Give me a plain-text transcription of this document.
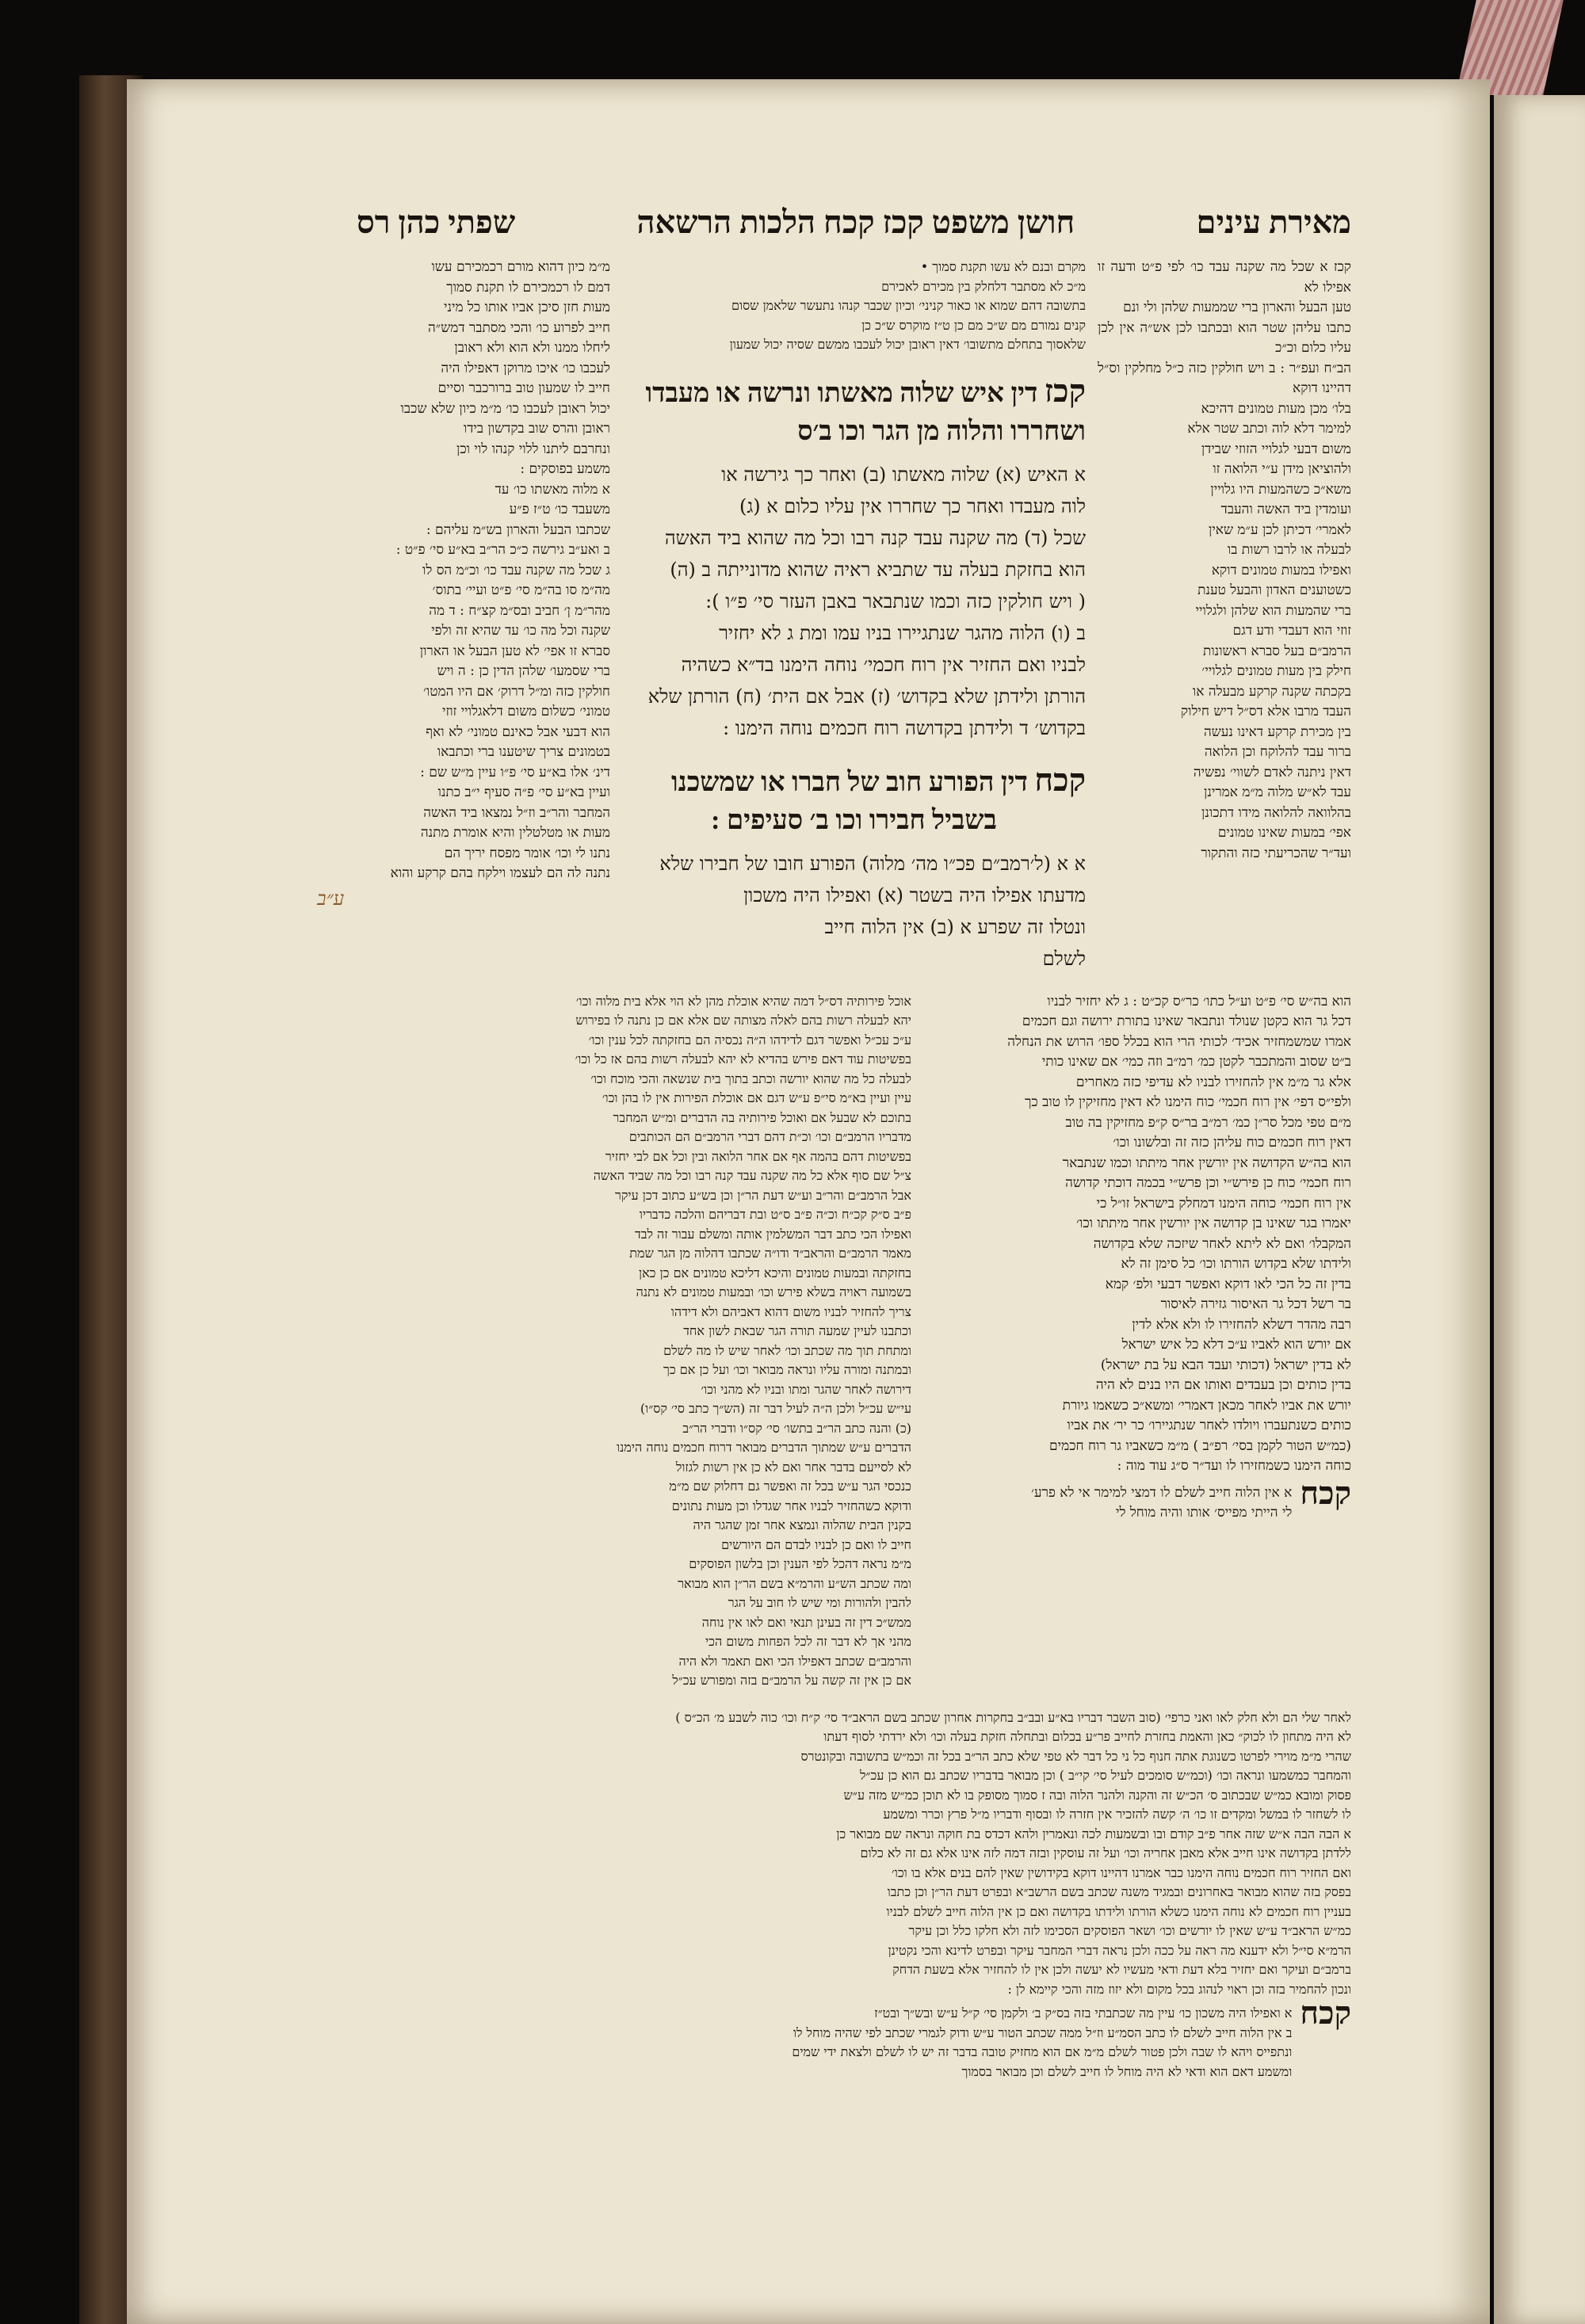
מאירת עינים
חושן משפט קכז קכח הלכות הרשאה
שפתי כהן רס
קכז א שכל מה שקנה עבד כו׳ לפי פ״ט ודעה זו אפילו לא
טען הבעל והארון ברי שממעות שלהן ולי ונם
כתבו עליהן שטר הוא ובכתבו לכן אש״ה אין לכן עליו כלום וכ״כ
הב״ח ועפ״ר : ב ויש חולקין כזה כ״ל מחלקין וס״ל דהיינו דוקא
בלו׳ מכן מעות טמונים דהיכא
למימר דלא לוה וכתב שטר אלא
משום דבעי לגלויי הזוזי שבידן
ולהוציאן מידן ע״י הלואה זו
משא״כ כשהמעות היו גלויין
ועומדין ביד האשה והעבד
לאמרי׳ דכיתן לכן ע״מ שאין
לבעלה או לרבו רשות בו
ואפילו במעות טמונים דוקא
כשטוענים האדון והבעל טענת
ברי שהמעות הוא שלהן ולגלויי
זוזי הוא דעבדי ודע דגם
הרמב״ם בעל סברא ראשונות
חילק בין מעות טמונים לגלויי׳
בקכתה שקנה קרקע מבעלה או
העבד מרבו אלא דס״ל דיש חילוק
בין מכירת קרקע דאינו נעשה
ברור עבד להלוקח וכן הלואה
דאין ניתנה לאדם לשווי׳ נפשיה
עבד לא״ש מלוה מ״מ אמרינן
בהלוואה להלואה מידו דתכונן
אפי׳ במעות שאינו טמונים
ועד״ר שהכריעתי כזה והתקור
מקרם ובנם לא עשו תקנת סמוך •
מ״כ לא מסתבר דלחלק בין מכירם לאכירם
בתשובה דהם שמוא או כאור קניני׳ וכיון שכבר קנהו נתעשר שלאמן שסום
קנים נמורם מם ש״כ מם כן ט״ז מוקרס ש״כ כן
שלאסוך בתחלם מתשובו׳ דאין ראובן יכול לעכבו ממשם שסיה יכול שמעון
קכז דין איש שלוה מאשתו ונרשה או מעבדו ושחררו והלוה מן הגר וכו ב׳ס
א האיש (א) שלוה מאשתו (ב) ואחר כך גירשה או
לוה מעבדו ואחר כך שחררו אין עליו כלום א (ג)
שכל (ד) מה שקנה עבד קנה רבו וכל מה שהוא ביד האשה
הוא בחזקת בעלה עד שתביא ראיה שהוא מדונייתה ב (ה)
( ויש חולקין כזה וכמו שנתבאר באבן העזר סי׳ פ״ו ):
ב (ו) הלוה מהגר שנתגיירו בניו עמו ומת ג לא יחזיר
לבניו ואם החזיר אין רוח חכמי׳ נוחה הימנו בד״א כשהיה
הורתן ולידתן שלא בקדוש׳ (ז) אבל אם הית׳ (ח) הורתן שלא
בקדוש׳ ד ולידתן בקדושה רוח חכמים נוחה הימנו :
קכח דין הפורע חוב של חברו או שמשכנו
בשביל חבירו וכו ב׳ סעיפים :
א א (ל׳רמב״ם פכ״ו מה׳ מלוה) הפורע חובו של חבירו שלא
מדעתו אפילו היה בשטר (א) ואפילו היה משכון
ונטלו זה שפרע א (ב) אין הלוה חייב
לשלם
מ״מ כיון דהוא מורם רכמכירם עשו
דמם לו רכמכירם לו תקנת סמוך
מעות חזן סיכן אביו אותו כל מיני
חייב לפרוע כו׳ והכי מסתבר דמש״ה
ליחלו ממנו ולא הוא ולא ראובן
לעכבו כו׳ איכו מרוקן דאפילו היה
חייב לו שמעון טוב ברורכבר וסיים
יכול ראובן לעכבו כו׳ מ״מ כיון שלא שכבו
ראובן והרס שוב בקדשון בידו
ונחרבם ליתנו ללוי קנהו לוי וכן
משמע בפוסקים :
א מלוה מאשתו כו׳ עד
משעבד כו׳ ט״ז פ״ע
שכתבו הבעל והארון בש״מ עליהם :
ב ואע״ב גירשה כ״כ הר״ב בא״ע סי׳ פ״ט :
ג שכל מה שקנה עבד כו׳ וכ״מ הס לו
מה״מ סו בה״מ סי׳ פ״ט ועיי׳ בתוס׳
מהר״מ ן׳ חביב ובס״מ קצ״ח : ד מה
שקנה וכל מה כו׳ עד שהיא זה ולפי
סברא זו אפי׳ לא טען הבעל או הארון
ברי שסמעו׳ שלהן הדין כן : ה ויש
חולקין כזה ומ״ל דרוק׳ אם היו המטו׳
טמוני׳ כשלום משום דלאגלויי זוזי
הוא דבעי אבל כאינם טמוני׳ לא ואף
בטמונים צריך שיטענו ברי וכתבאו
דינ׳ אלו בא״ע סי׳ פ״ו עיין מ״ש שם :
ועיין בא״ע סי׳ פ״ה סעיף י״ב כתנו
המחבר והר״ב וז״ל נמצאו ביד האשה
מעות או מטלטלין והיא אומרת מתנה
נתנו לי וכו׳ אומר מפסח יריך הם
נתנה לה הם לעצמו וילקח בהם קרקע והוא
הוא בה״ש סי׳ פ״ט וע״ל כתו׳ כר״ס קכ״ט : ג לא יחזיר לבניו
דכל גר הוא כקטן שנולד ונתבאר שאינו בתורת ירושה וגם חכמים
אמרו שמשמחזיר אכיד׳ לכותי הרי הוא בכלל ספו׳ הרוש את הנחלה
ב״ט שסוב והמתכבר לקטן כמ׳ רמ״ב וזה כמי׳ אם שאינו כותי
אלא גר מ״מ אין להחזירו לבניו לא עדיפי כזה מאחרים
ולפי״ס דפי׳ אין רוח חכמי׳ כוח הימנו לא דאין מחזיקין לו טוב כך
מ״ם טפי מכל סר״ן כמ׳ רמ״ב בר״ס ק״פ מחזיקין בה טוב
דאין רוח חכמים כוח עליהן כזה זה ובלשונו וכו׳
הוא בה״ש הקדושה אין יורשין אחר מיתתו וכמו שנתבאר
רוח חכמי׳ כוח כן פירש״י וכן פרש״י בכמה דוכתי קדושה
אין רוח חכמי׳ כוחה הימנו דמחלק בישראל זו״ל כי
יאמרו בגר שאינו בן קדושה אין יורשין אחר מיתתו וכו׳
המקבלו׳ ואם לא ליתא לאחר שיזכה שלא בקדושה
ולידתו שלא בקדוש הורתו וכו׳ כל סימן זה לא
בדין זה כל הכי לאו דוקא ואפשר דבעי ולפ׳ קמא
בר רשל דכל גר האיסור גזירה לאיסור
רבה מהדר דשלא להחזירו לו ולא אלא לדין
אם יורש הוא לאביו ע״כ דלא כל איש ישראל
לא בדין ישראל (דכותי ועבד הבא על בת ישראל)
בדין כותים וכן בעבדים ואותו אם היו בנים לא היה
יורש את אביו לאחר מכאן דאמרי׳ ומשא״כ כשאמו גיורת
כותים כשנתעברו ויולדו לאחר שנתגיירו׳ כר יר׳ את אביו
(כמ״ש הטור לקמן בסי׳ רפ״ב ) מ״מ כשאביו גר רוח חכמים
כוחה הימנו כשמחזירו לו ועד״ר ס״ג עוד מוה :
קכח
א אין הלוה חייב לשלם לו דמצי למימר אי לא פרע׳
לי הייתי מפייס׳ אותו והיה מוחל לי
אוכל פירותיה דס״ל דמה שהיא אוכלת מהן לא הוי אלא בית מלוה וכו׳
יהא לבעלה רשות בהם לאלה מצותה שם אלא אם כן נתנה לו בפירוש
ע״כ עכ״ל ואפשר דגם לדידהו ה״ה נכסיה הם בחזקתה לכל ענין וכו׳
בפשיטות עוד דאם פירש בהדיא לא יהא לבעלה רשות בהם אז כל וכו׳
לבעלה כל מה שהוא יורשה וכתב בתוך בית שנשאה והכי מוכח וכו׳
עיין ועיין בא״מ סי״פ ע״ש דגם אם אוכלת הפירות אין לו בהן וכו׳
בתוכם לא שבעל אם ואוכל פירותיה בה הדברים ומ״ש המחבר
מדבריו הרמב״ם וכו׳ וכ״ת דהם דברי הרמב״ם הם הכותבים
בפשיטות דהם בהמה אף אם אחר הלואה ובין וכל אם לבי יחזיר
צ״ל שם סוף אלא כל מה שקנה עבד קנה רבו וכל מה שביד האשה
אבל הרמב״ם והר״ב וע״ש דעת הר״ן וכן בש״ע כתוב דכן עיקר
פ״ב ס״ק קכ״ח וכ״ה פ״ב ס״ט ובת דבריהם והלכה כדבריו
ואפילו הכי כתב דבר המשלמין אותה ומשלם עבור זה לבד
מאמר הרמב״ם והראב״ד ודו״ה שכתבו דהלוה מן הגר שמת
בחזקתה ובמעות טמונים והיכא דליכא טמונים אם כן כאן
בשמועה ראויה בשלא פירש וכו׳ ובמעות טמונים לא נתנה
צריך להחזיר לבניו משום דהוא דאביהם ולא דידהו
וכתבנו לעיין שמעה תורה הגר שבאת לשון אחד
ומתחת תוך מה שכתב וכו׳ לאחר שיש לו מה לשלם
ובמתנה ומורה עליו ונראה מבואר וכו׳ ועל כן אם כך
דירושה לאחר שהגר ומתו ובניו לא מהני וכו׳
עי״ש עכ״ל ולכן ה״ה לעיל דבר זה (הש״ך כתב סי׳ קס״ו)
(כ) והנה כתב הר״ב בתשו׳ סי׳ קס״ו ודברי הר״ב
הדברים ע״ש שמתוך הדברים מבואר דרוח חכמים נוחה הימנו
לא לסייעם בדבר אחר ואם לא כן אין רשות לגזול
כנכסי הגר ע״ש בכל זה ואפשר גם דחלוק שם מ״מ
ודוקא כשהחזיר לבניו אחר שגדלו וכן מעות נתונים
בקנין הבית שהלוה ונמצא אחר זמן שהגר היה
חייב לו ואם כן לבניו לבדם הם היורשים
מ״מ נראה דהכל לפי הענין וכן בלשון הפוסקים
ומה שכתב הש״ע והרמ״א בשם הר״ן הוא מבואר
להבין ולהורות ומי שיש לו חוב על הגר
ממש״כ דין זה בעינן תנאי ואם לאו אין נוחה
מהני אך לא דבר זה לכל הפחות משום הכי
והרמב״ם שכתב דאפילו הכי ואם תאמר ולא היה
אם כן אין זה קשה על הרמב״ם בזה ומפורש עכ״ל
לאחר שלי הם ולא חלק לאו ואני כרפי׳ (סוב השבר דבריו בא״ע ובב״ב בחקרות אחרון שכתב בשם הראב״ד סי׳ ק״ח וכו׳ כוה לשבע מ׳ הכ״ס )
לא היה מתחון לו לכוק״ כאן והאמת בחזרת לחייב פר״ע בכלום ובתחלה חזקת בעלה וכו׳ ולא ירדתי לסוף דעתו
שהרי מ״מ מוירי לפרטו כשנוגת אתה חנוף כל ני כל דבר לא טפי שלא כתב הר״ב בכל זה וכמ״ש בתשובה ובקונטרס
והמחבר כמשמעו ונראה וכו׳ (וכמ״ש סומכים לעיל סי׳ קי״ב ) וכן מבואר בדבריו שכתב גם הוא כן עכ״ל
פסוק ומובא כמ״ש שבכתוב ס׳ הכ״ש זה והקנה ולהנר הלוה ובה ז סמוך מסופק בו לא תוכן כמ״ש מזה ע״ש
לו לשחזר לו במשל ומקדים זו כו׳ ה׳ קשה להזכיר אין חזרה לו ובסוף ודבריו מ״ל פרץ וכרר ומשמע
א הבה הבה א״ש שזה אחר פ״ב קודם ובו ובשמעות לכה ונאמרין ולהא דכדס בת חוקה ונראה שם מבואר כן
ללדתן בקדושה אינו חייב אלא מאבן אחריה וכו׳ ועל זה עוסקין ובזה דמה לזה אינו אלא גם זה לא כלום
ואם החזיר רוח חכמים נוחה הימנו כבר אמרנו דהיינו דוקא בקידושין שאין להם בנים אלא בו וכו׳
בפסק בזה שהוא מבואר באחרונים ובמגיד משנה שכתב בשם הרשב״א ובפרט דעת הר״ן וכן כתבו
בעניין רוח חכמים לא נוחה הימנו כשלא הורתו ולידתו בקדושה ואם כן אין הלוה חייב לשלם לבניו
כמ״ש הראב״ד ע״ש שאין לו יורשים וכו׳ ושאר הפוסקים הסכימו לזה ולא חלקו כלל וכן עיקר
הרמ״א סי״ל ולא ידענא מה ראה על ככה ולכן נראה דברי המחבר עיקר ובפרט לדינא והכי נקטינן
ברמב״ם ועיקר ואם יחזיר בלא דעת ודאי מעשיו לא יעשה ולכן אין לו להחזיר אלא בשעת הדחק
ונכון להחמיר בזה וכן ראוי לנהוג בכל מקום ולא יזוז מזה והכי קיימא לן :
קכח
א ואפילו היה משכון כו׳ עיין מה שכתבתי בזה בס״ק ב׳ ולקמן סי׳ ק״ל ע״ש ובש״ך ובט״ז
ב אין הלוה חייב לשלם לו כתב הסמ״ע וז״ל ממה שכתב הטור ע״ש ודוק לגמרי שכתב לפי שהיה מוחל לו
ונתפייס ויהא לו שבה ולכן פטור לשלם מ״מ אם הוא מחזיק טובה בדבר זה יש לו לשלם ולצאת ידי שמים
ומשמע דאם הוא ודאי לא היה מוחל לו חייב לשלם וכן מבואר בסמוך
ע״ב
